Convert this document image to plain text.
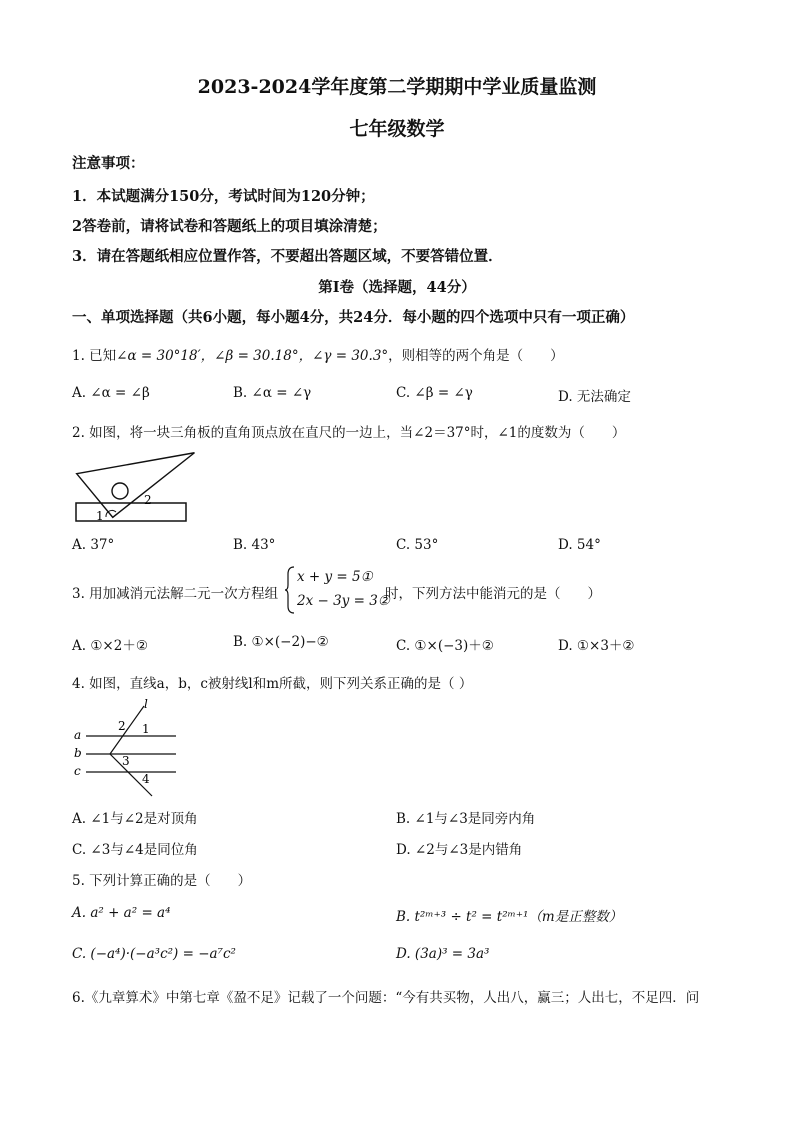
2023-2024学年度第二学期期中学业质量监测
七年级数学
注意事项：
1．本试题满分150分，考试时间为120分钟；
2答卷前，请将试卷和答题纸上的项目填涂清楚；
3．请在答题纸相应位置作答，不要超出答题区域，不要答错位置．
第I卷（选择题，44分）
一、单项选择题（共6小题，每小题4分，共24分．每小题的四个选项中只有一项正确）
1. 已知∠α = 30°18′，∠β = 30.18°，∠γ = 30.3°，则相等的两个角是（　　）
A. ∠α = ∠β	B. ∠α = ∠γ	C. ∠β = ∠γ	D. 无法确定
2. 如图，将一块三角板的直角顶点放在直尺的一边上，当∠2＝37°时，∠1的度数为（　　）
1
2
A. 37°	B. 43°	C. 53°	D. 54°
3. 用加减消元法解二元一次方程组
x + y = 5①
2x − 3y = 3②
时，下列方法中能消元的是（　　）
A. ①×2＋②	B. ①×(−2)−②	C. ①×(−3)＋②	D. ①×3＋②
4. 如图，直线a，b，c被射线l和m所截，则下列关系正确的是（ ）
l
a
b
c
1
2
3
4
A. ∠1与∠2是对顶角	B. ∠1与∠3是同旁内角
C. ∠3与∠4是同位角	D. ∠2与∠3是内错角
5. 下列计算正确的是（　　）
A. a² + a² = a⁴	B. t²ᵐ⁺³ ÷ t² = t²ᵐ⁺¹（m是正整数）
C. (−a⁴)·(−a³c²) = −a⁷c²	D. (3a)³ = 3a³
6.《九章算术》中第七章《盈不足》记载了一个问题：“今有共买物，人出八，赢三；人出七，不足四．问
